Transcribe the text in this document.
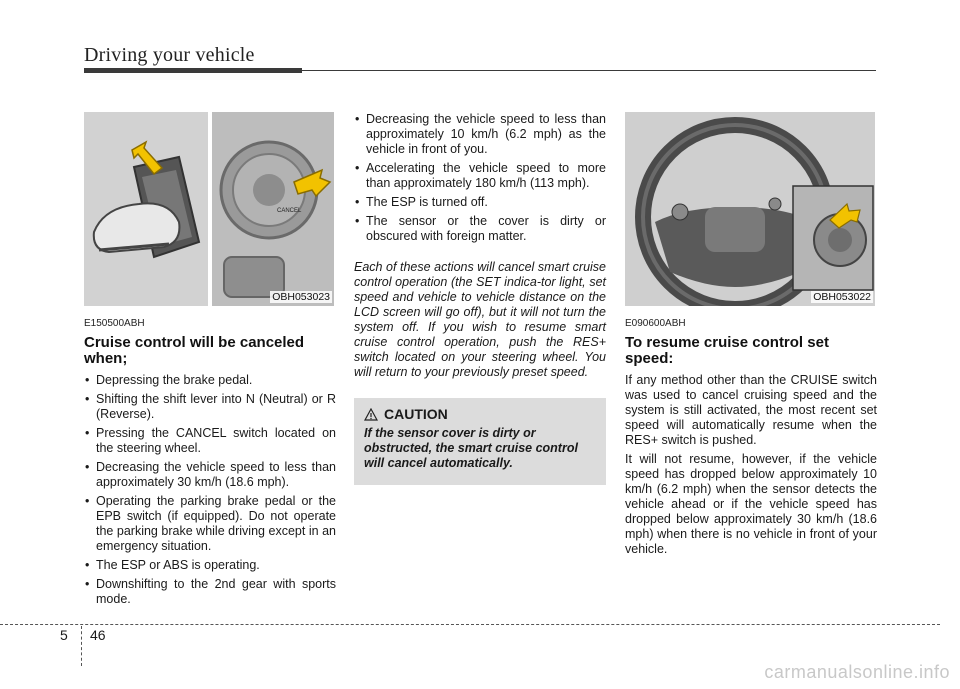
Driving your vehicle
CANCEL
OBH053023
E150500ABH
Cruise control will be canceled when;
• Depressing the brake pedal.
• Shifting the shift lever into N (Neutral) or R (Reverse).
• Pressing the CANCEL switch located on the steering wheel.
• Decreasing the vehicle speed to less than approximately 30 km/h (18.6 mph).
• Operating the parking brake pedal or the EPB switch (if equipped). Do not operate the parking brake while driving except in an emergency situation.
• The ESP or ABS is operating.
• Downshifting to the 2nd gear with sports mode.
• Decreasing the vehicle speed to less than approximately 10 km/h (6.2 mph) as the vehicle in front of you.
• Accelerating the vehicle speed to more than approximately 180 km/h (113 mph).
• The ESP is turned off.
• The sensor or the cover is dirty or obscured with foreign matter.
Each of these actions will cancel smart cruise control operation (the SET indica-tor light, set speed and vehicle to vehicle distance on the LCD screen will go off), but it will not turn the system off. If you wish to resume smart cruise control operation, push the RES+ switch located on your steering wheel. You will return to your previously preset speed.
CAUTION
If the sensor cover is dirty or obstructed, the smart cruise control will cancel automatically.
OBH053022
E090600ABH
To resume cruise control set speed:

If any method other than the CRUISE switch was used to cancel cruising speed and the system is still activated, the most recent set speed will automatically resume when the RES+ switch is pushed.

It will not resume, however, if the vehicle speed has dropped below approximately 10 km/h (6.2 mph) when the sensor detects the vehicle ahead or if the vehicle speed has dropped below approximately 30 km/h (18.6 mph) when there is no vehicle in front of your vehicle.

5 46
carmanualsonline.info
